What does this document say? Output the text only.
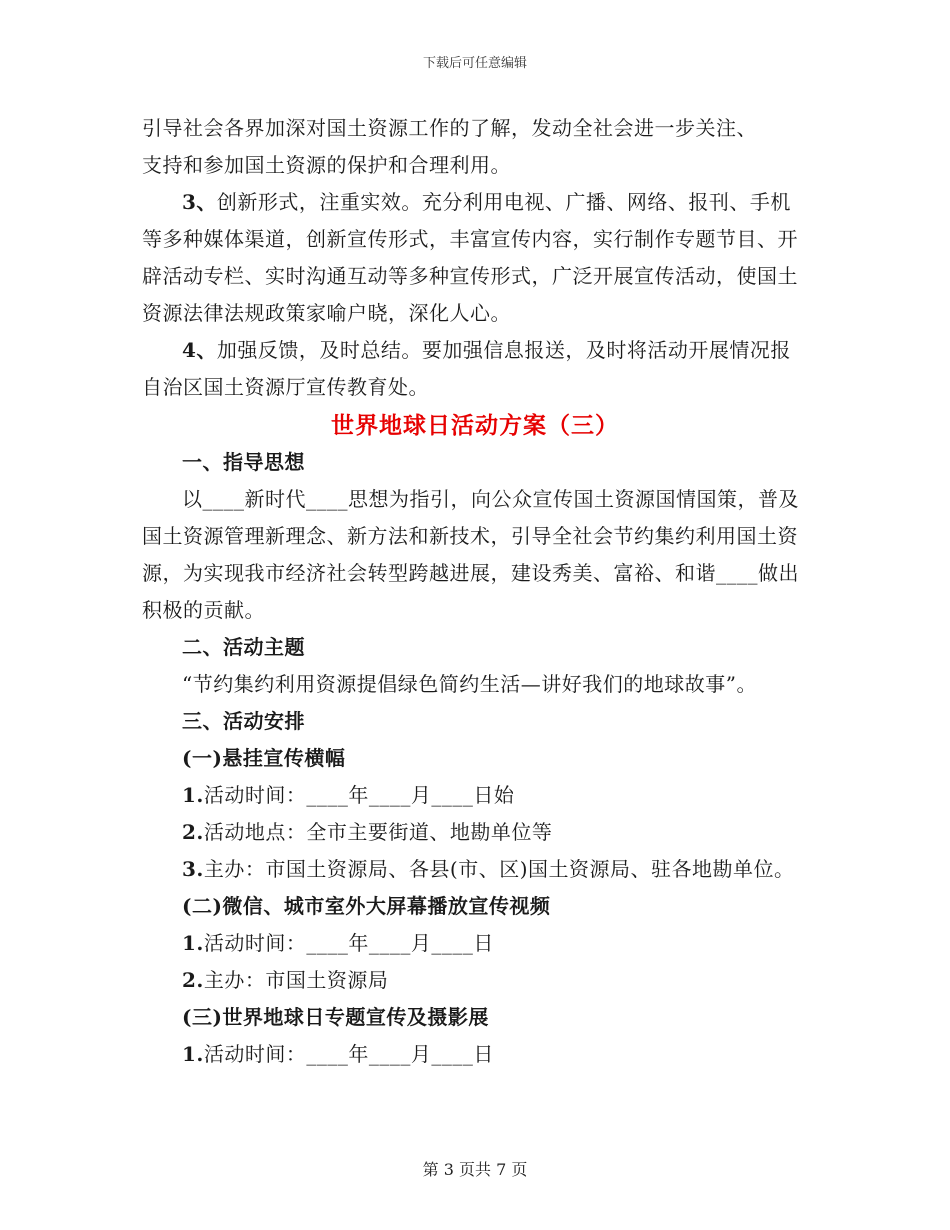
下载后可任意编辑

引导社会各界加深对国土资源工作的了解，发动全社会进一步关注、
支持和参加国土资源的保护和合理利用。

3、创新形式，注重实效。充分利用电视、广播、网络、报刊、手机等多种媒体渠道，创新宣传形式，丰富宣传内容，实行制作专题节目、开辟活动专栏、实时沟通互动等多种宣传形式，广泛开展宣传活动，使国土资源法律法规政策家喻户晓，深化人心。

4、加强反馈，及时总结。要加强信息报送，及时将活动开展情况报自治区国土资源厅宣传教育处。

世界地球日活动方案（三）

一、指导思想

以____新时代____思想为指引，向公众宣传国土资源国情国策，普及国土资源管理新理念、新方法和新技术，引导全社会节约集约利用国土资源，为实现我市经济社会转型跨越进展，建设秀美、富裕、和谐____做出积极的贡献。

二、活动主题

“节约集约利用资源提倡绿色简约生活—讲好我们的地球故事”。

三、活动安排

(一)悬挂宣传横幅

1.活动时间：____年____月____日始

2.活动地点：全市主要街道、地勘单位等

3.主办：市国土资源局、各县(市、区)国土资源局、驻各地勘单位。

(二)微信、城市室外大屏幕播放宣传视频

1.活动时间：____年____月____日

2.主办：市国土资源局

(三)世界地球日专题宣传及摄影展

1.活动时间：____年____月____日

第 3 页共 7 页
